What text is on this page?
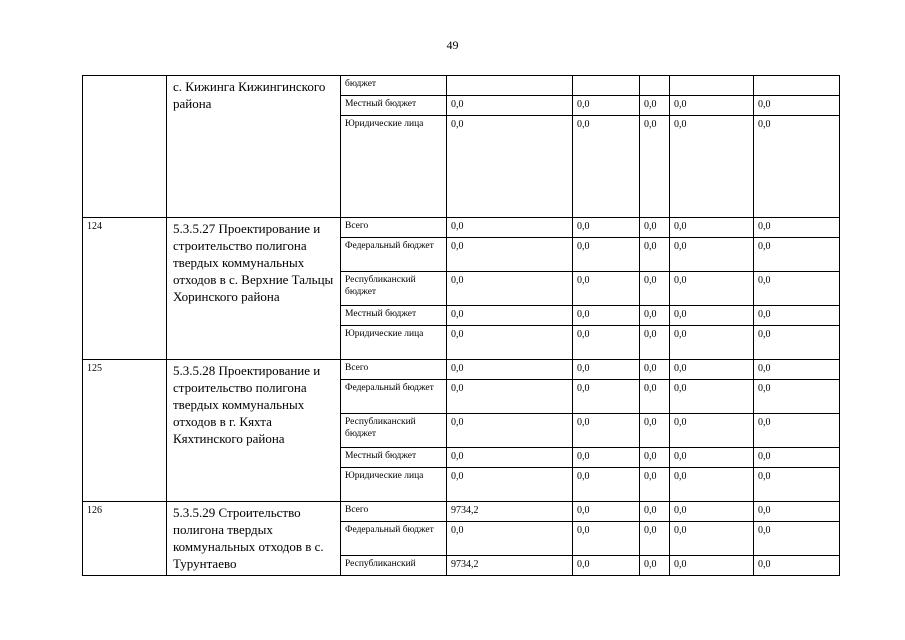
49
	с. Кижинга Кижингинского района	бюджет					
		Местный бюджет	0,0	0,0	0,0	0,0	0,0
		Юридические лица	0,0	0,0	0,0	0,0	0,0
124	5.3.5.27 Проектирование и строительство полигона твердых коммунальных отходов в с. Верхние Тальцы Хоринского района	Всего	0,0	0,0	0,0	0,0	0,0
		Федеральный бюджет	0,0	0,0	0,0	0,0	0,0
		Республиканский бюджет	0,0	0,0	0,0	0,0	0,0
		Местный бюджет	0,0	0,0	0,0	0,0	0,0
		Юридические лица	0,0	0,0	0,0	0,0	0,0
125	5.3.5.28 Проектирование и строительство полигона твердых коммунальных отходов в г. Кяхта Кяхтинского района	Всего	0,0	0,0	0,0	0,0	0,0
		Федеральный бюджет	0,0	0,0	0,0	0,0	0,0
		Республиканский бюджет	0,0	0,0	0,0	0,0	0,0
		Местный бюджет	0,0	0,0	0,0	0,0	0,0
		Юридические лица	0,0	0,0	0,0	0,0	0,0
126	5.3.5.29 Строительство полигона твердых коммунальных отходов в с. Турунтаево	Всего	9734,2	0,0	0,0	0,0	0,0
		Федеральный бюджет	0,0	0,0	0,0	0,0	0,0
		Республиканский	9734,2	0,0	0,0	0,0	0,0
